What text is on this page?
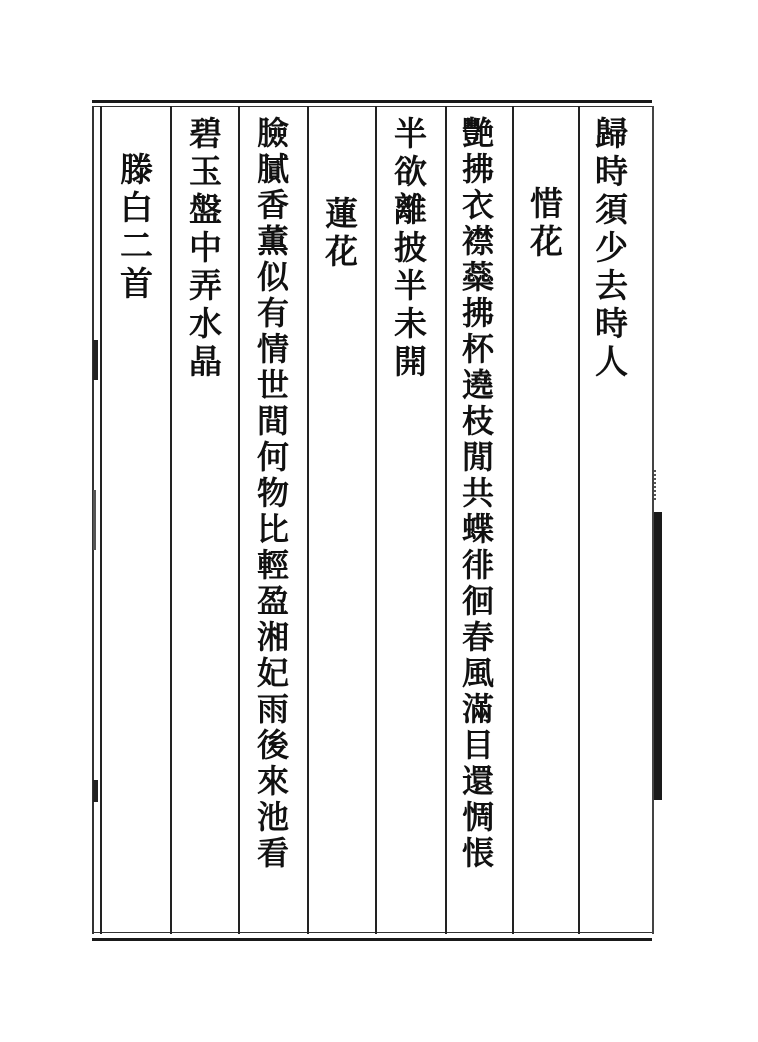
歸時須少去時人
惜花
艷拂衣襟蘂拂杯遶枝閒共蝶徘徊春風滿目還惆悵
半欲離披半未開
蓮花
臉膩香薫似有情世間何物比輕盈湘妃雨後來池看
碧玉盤中弄水晶
滕白二首
